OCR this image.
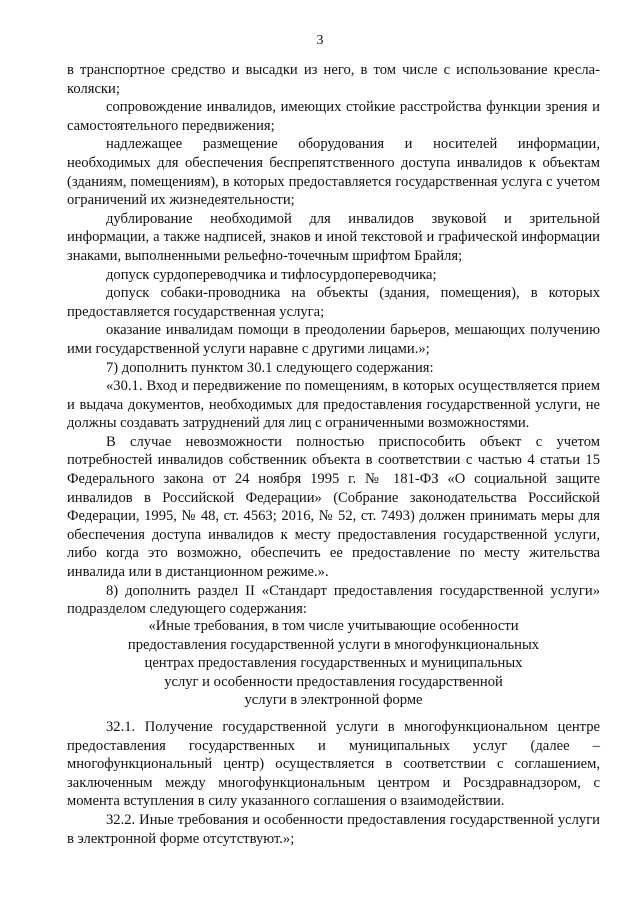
3

в транспортное средство и высадки из него, в том числе с использование кресла-коляски;

сопровождение инвалидов, имеющих стойкие расстройства функции зрения и самостоятельного передвижения;

надлежащее размещение оборудования и носителей информации, необходимых для обеспечения беспрепятственного доступа инвалидов к объектам (зданиям, помещениям), в которых предоставляется государственная услуга с учетом ограничений их жизнедеятельности;

дублирование необходимой для инвалидов звуковой и зрительной информации, а также надписей, знаков и иной текстовой и графической информации знаками, выполненными рельефно-точечным шрифтом Брайля;

допуск сурдопереводчика и тифлосурдопереводчика;

допуск собаки-проводника на объекты (здания, помещения), в которых предоставляется государственная услуга;

оказание инвалидам помощи в преодолении барьеров, мешающих получению ими государственной услуги наравне с другими лицами.»;

7) дополнить пунктом 30.1 следующего содержания:

«30.1. Вход и передвижение по помещениям, в которых осуществляется прием и выдача документов, необходимых для предоставления государственной услуги, не должны создавать затруднений для лиц с ограниченными возможностями.

В случае невозможности полностью приспособить объект с учетом потребностей инвалидов собственник объекта в соответствии с частью 4 статьи 15 Федерального закона от 24 ноября 1995 г. № 181-ФЗ «О социальной защите инвалидов в Российской Федерации» (Собрание законодательства Российской Федерации, 1995, № 48, ст. 4563; 2016, № 52, ст. 7493) должен принимать меры для обеспечения доступа инвалидов к месту предоставления государственной услуги, либо когда это возможно, обеспечить ее предоставление по месту жительства инвалида или в дистанционном режиме.».

8) дополнить раздел II «Стандарт предоставления государственной услуги» подразделом следующего содержания:

«Иные требования, в том числе учитывающие особенности

предоставления государственной услуги в многофункциональных

центрах предоставления государственных и муниципальных

услуг и особенности предоставления государственной

услуги в электронной форме

32.1. Получение государственной услуги в многофункциональном центре предоставления государственных и муниципальных услуг (далее – многофункциональный центр) осуществляется в соответствии с соглашением, заключенным между многофункциональным центром и Росздравнадзором, с момента вступления в силу указанного соглашения о взаимодействии.

32.2. Иные требования и особенности предоставления государственной услуги в электронной форме отсутствуют.»;
